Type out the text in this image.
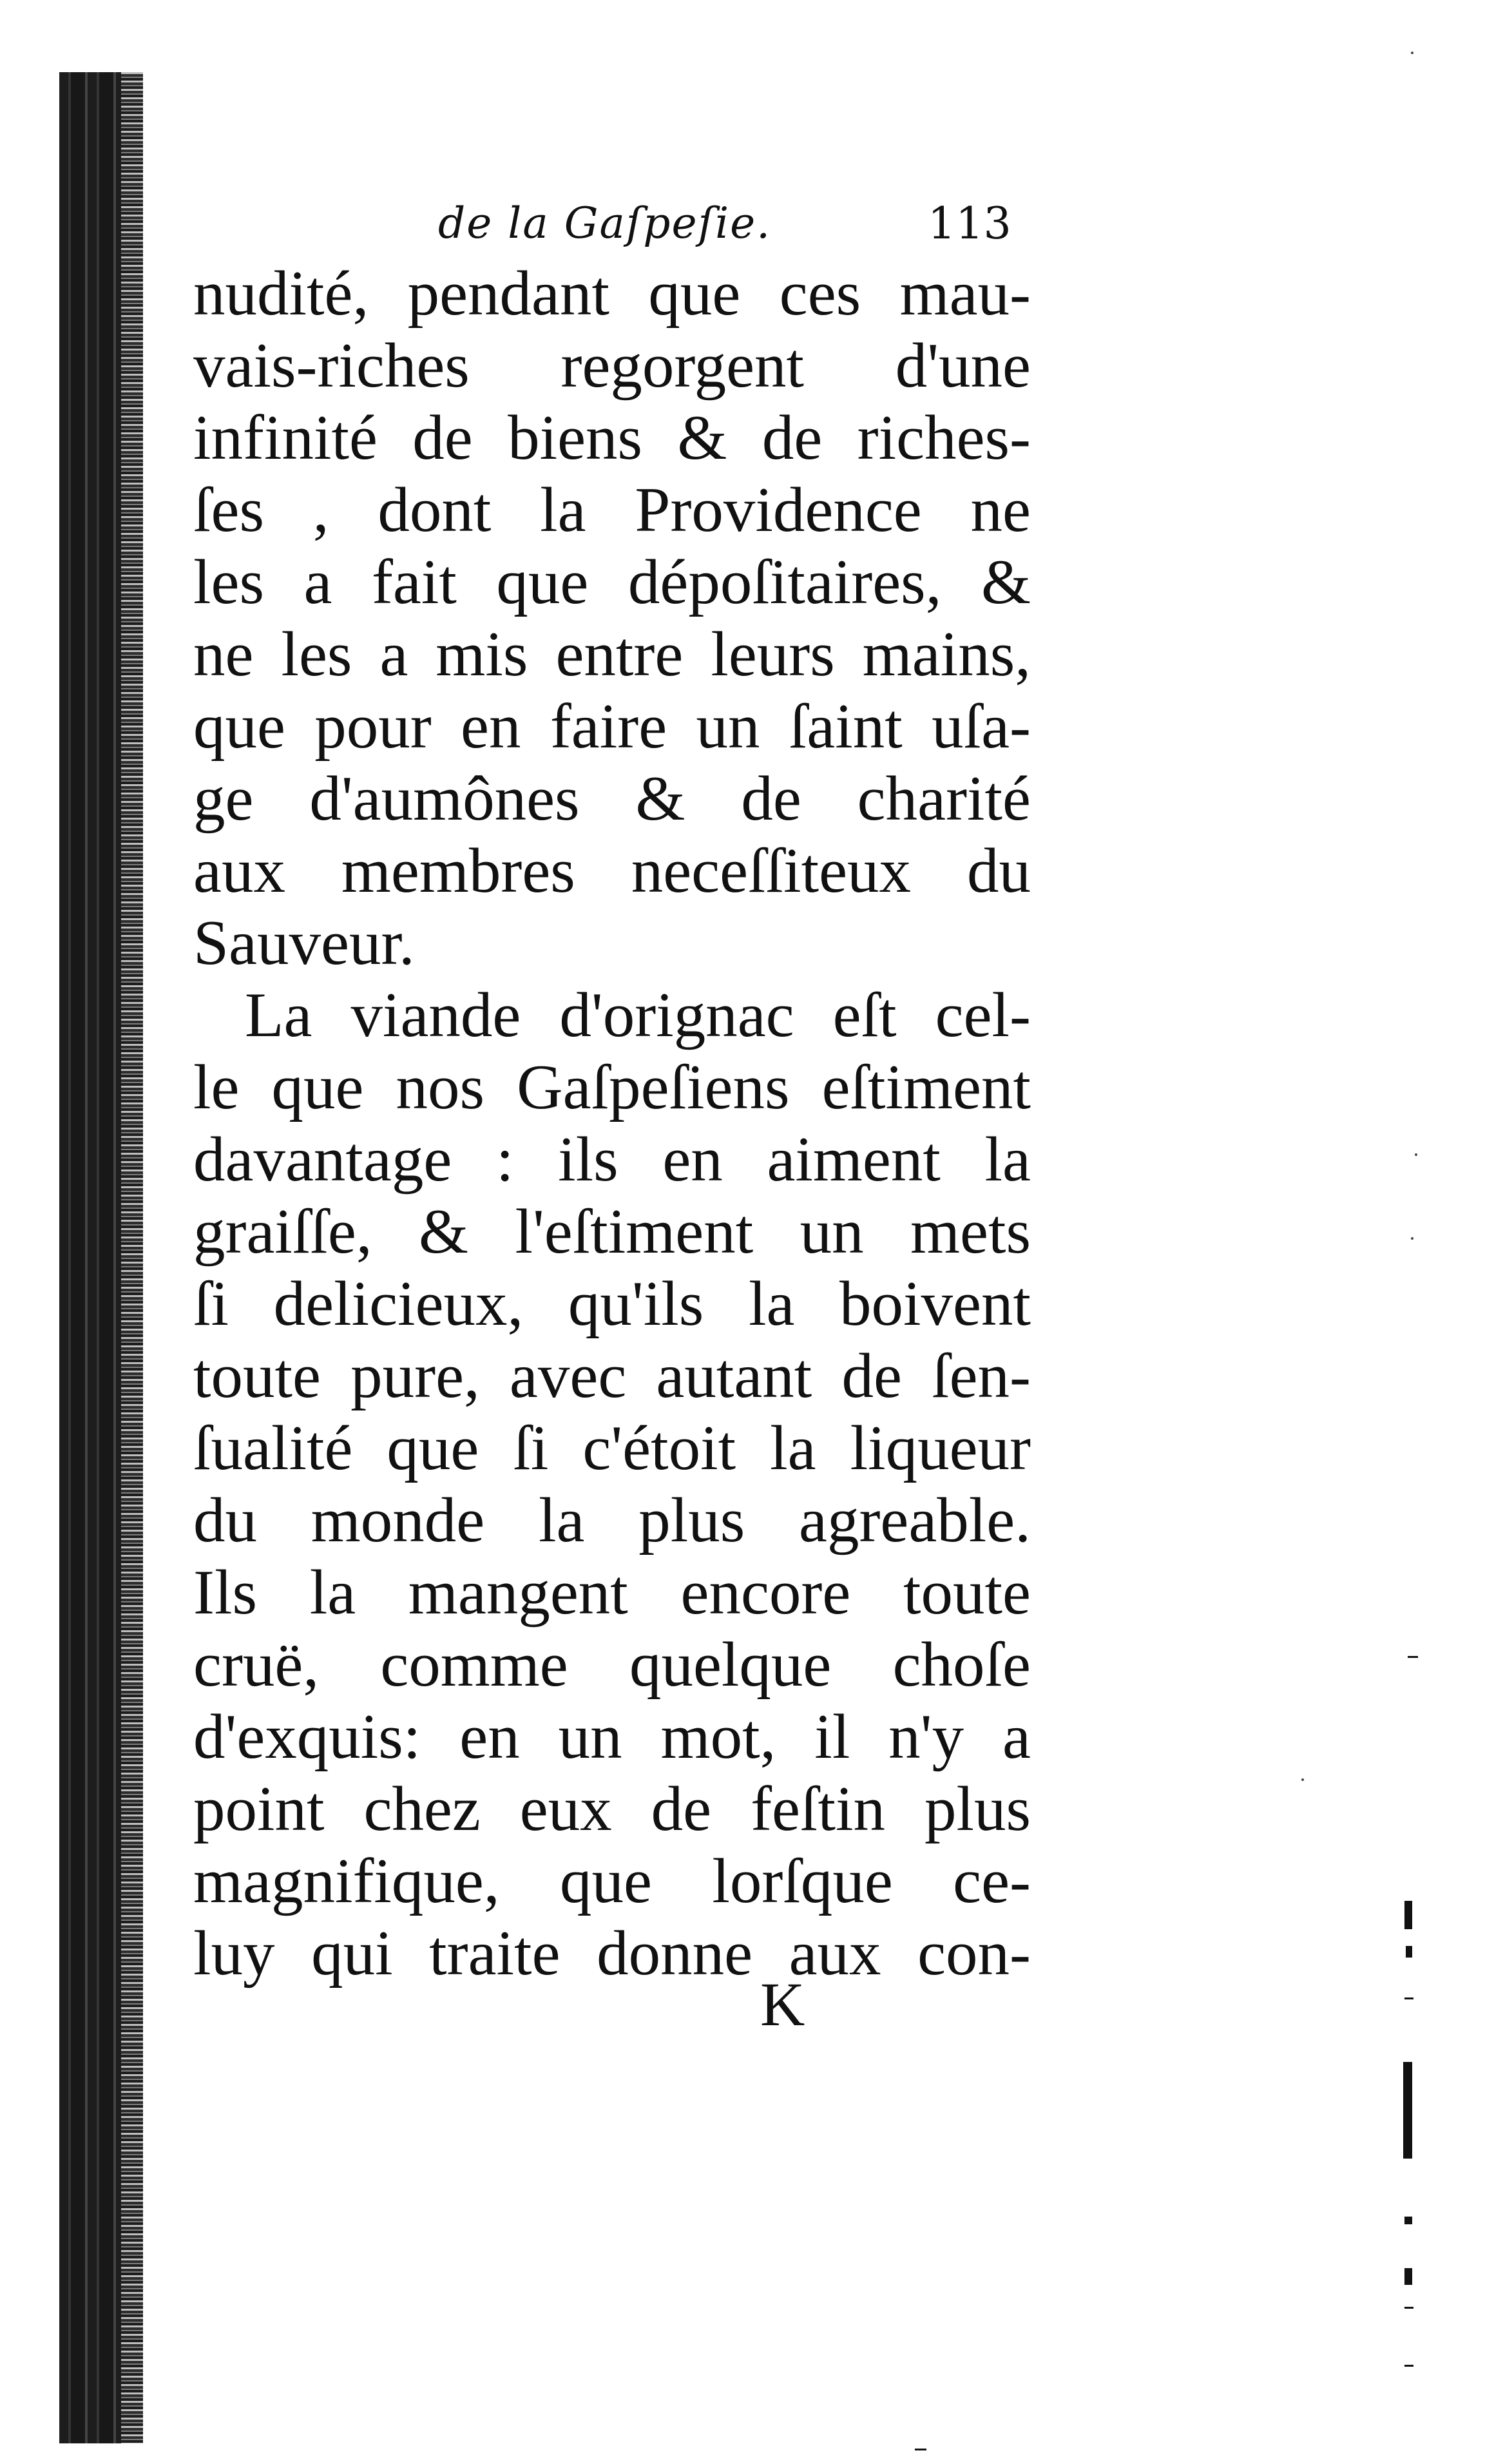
de la Gaſpeſie.	113
nudité, pendant que ces mau-
vais-riches regorgent d'une
infinité de biens & de riches-
ſes , dont la Providence ne
les a fait que dépoſitaires, &
ne les a mis entre leurs mains,
que pour en faire un ſaint uſa-
ge d'aumônes & de charité
aux membres neceſſiteux du
Sauveur.
La viande d'orignac eſt cel-
le que nos Gaſpeſiens eſtiment
davantage : ils en aiment la
graiſſe, & l'eſtiment un mets
ſi delicieux, qu'ils la boivent
toute pure, avec autant de ſen-
ſualité que ſi c'étoit la liqueur
du monde la plus agreable.
Ils la mangent encore toute
cruë, comme quelque choſe
d'exquis: en un mot, il n'y a
point chez eux de feſtin plus
magnifique, que lorſque ce-
luy qui traite donne aux con-
K
